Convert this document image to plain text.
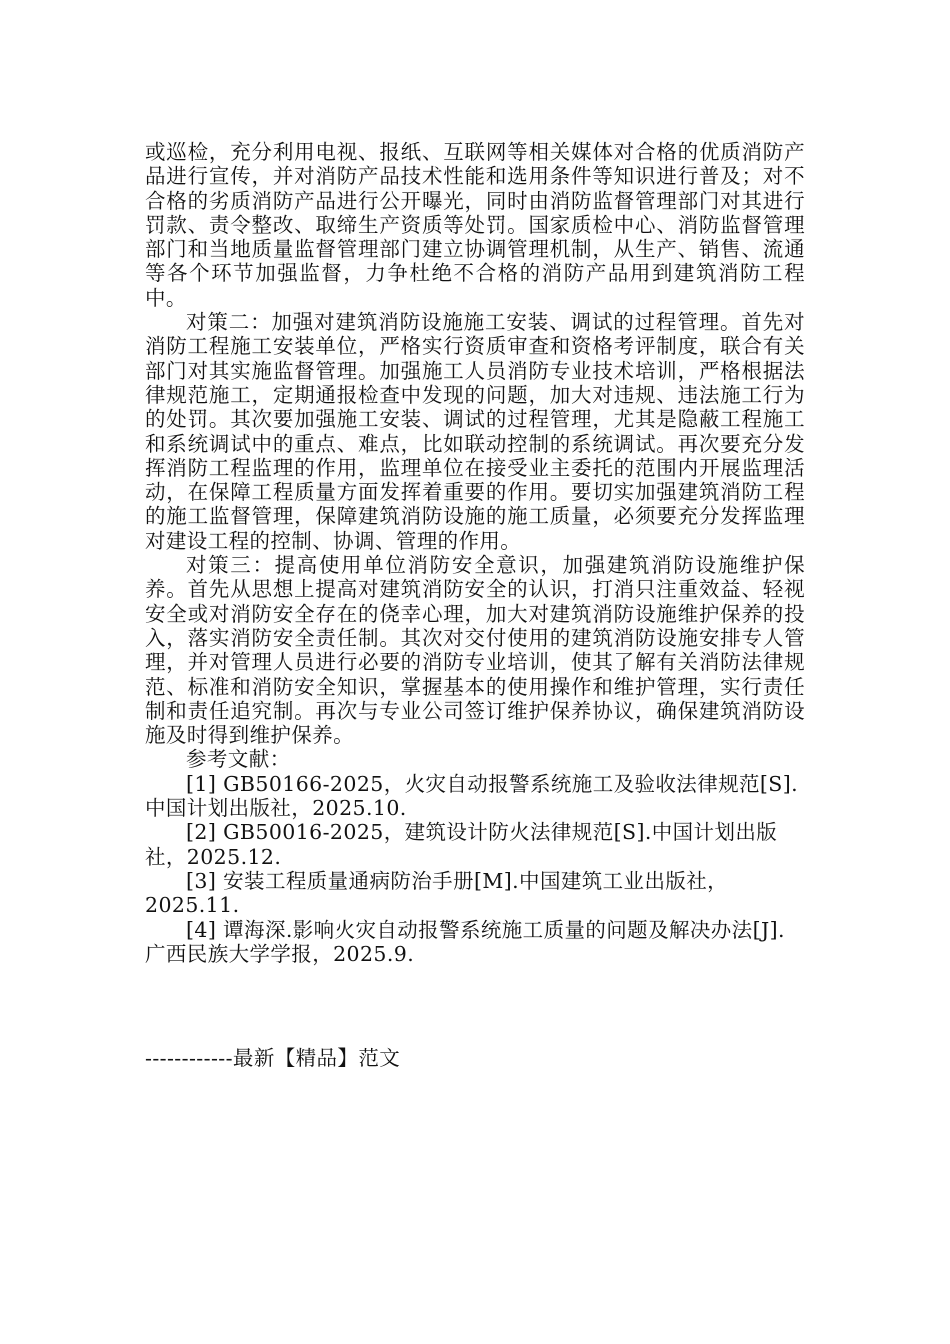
或巡检，充分利用电视、报纸、互联网等相关媒体对合格的优质消防产品进行宣传，并对消防产品技术性能和选用条件等知识进行普及；对不合格的劣质消防产品进行公开曝光，同时由消防监督管理部门对其进行罚款、责令整改、取缔生产资质等处罚。国家质检中心、消防监督管理部门和当地质量监督管理部门建立协调管理机制，从生产、销售、流通等各个环节加强监督，力争杜绝不合格的消防产品用到建筑消防工程中。

对策二：加强对建筑消防设施施工安装、调试的过程管理。首先对消防工程施工安装单位，严格实行资质审查和资格考评制度，联合有关部门对其实施监督管理。加强施工人员消防专业技术培训，严格根据法律规范施工，定期通报检查中发现的问题，加大对违规、违法施工行为的处罚。其次要加强施工安装、调试的过程管理，尤其是隐蔽工程施工和系统调试中的重点、难点，比如联动控制的系统调试。再次要充分发挥消防工程监理的作用，监理单位在接受业主委托的范围内开展监理活动，在保障工程质量方面发挥着重要的作用。要切实加强建筑消防工程的施工监督管理，保障建筑消防设施的施工质量，必须要充分发挥监理对建设工程的控制、协调、管理的作用。

对策三：提高使用单位消防安全意识，加强建筑消防设施维护保养。首先从思想上提高对建筑消防安全的认识，打消只注重效益、轻视安全或对消防安全存在的侥幸心理，加大对建筑消防设施维护保养的投入，落实消防安全责任制。其次对交付使用的建筑消防设施安排专人管理，并对管理人员进行必要的消防专业培训，使其了解有关消防法律规范、标准和消防安全知识，掌握基本的使用操作和维护管理，实行责任制和责任追究制。再次与专业公司签订维护保养协议，确保建筑消防设施及时得到维护保养。

参考文献：

[1] GB50166-2025，火灾自动报警系统施工及验收法律规范[S].中国计划出版社，2025.10.

[2] GB50016-2025，建筑设计防火法律规范[S].中国计划出版社，2025.12.

[3] 安装工程质量通病防治手册[M].中国建筑工业出版社，2025.11.

[4] 谭海深.影响火灾自动报警系统施工质量的问题及解决办法[J].广西民族大学学报，2025.9.

------------最新【精品】范文
